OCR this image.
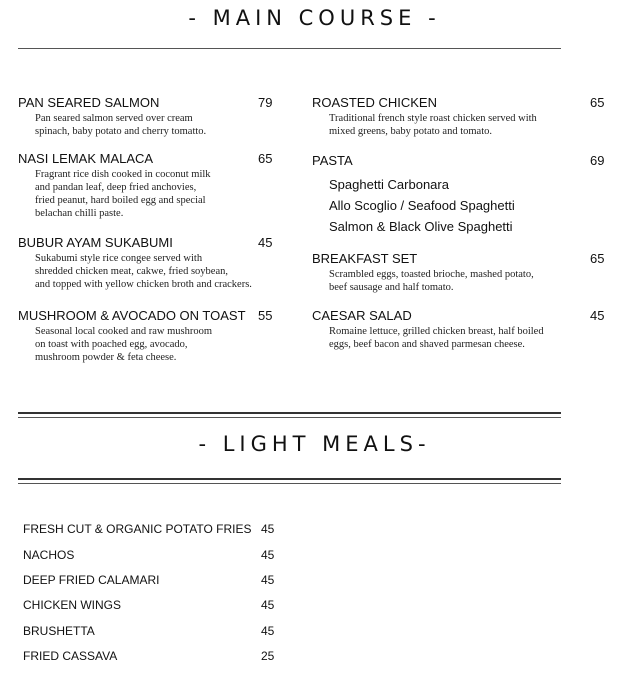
- MAIN COURSE -
PAN SEARED SALMON	79
Pan seared salmon served over cream
spinach, baby potato and cherry tomatto.
NASI LEMAK MALACA	65
Fragrant rice dish cooked in coconut milk
and pandan leaf, deep fried anchovies,
fried peanut, hard boiled egg and special
belachan chilli paste.
BUBUR AYAM SUKABUMI	45
Sukabumi style rice congee served with
shredded chicken meat, cakwe, fried soybean,
and topped with yellow chicken broth and crackers.
MUSHROOM & AVOCADO ON TOAST 55
Seasonal local cooked and raw mushroom
on toast with poached egg, avocado,
mushroom powder & feta cheese.
ROASTED CHICKEN	65
Traditional french style roast chicken served with
mixed greens, baby potato and tomato.
PASTA	69
Spaghetti Carbonara
Allo Scoglio / Seafood Spaghetti
Salmon & Black Olive Spaghetti
BREAKFAST SET	65
Scrambled eggs, toasted brioche, mashed potato,
beef sausage and half tomato.
CAESAR SALAD	45
Romaine lettuce, grilled chicken breast, half boiled
eggs, beef bacon and shaved parmesan cheese.
- LIGHT MEALS-
FRESH CUT & ORGANIC POTATO FRIES 45
NACHOS	45
DEEP FRIED CALAMARI	45
CHICKEN WINGS	45
BRUSHETTA	45
FRIED CASSAVA	25
